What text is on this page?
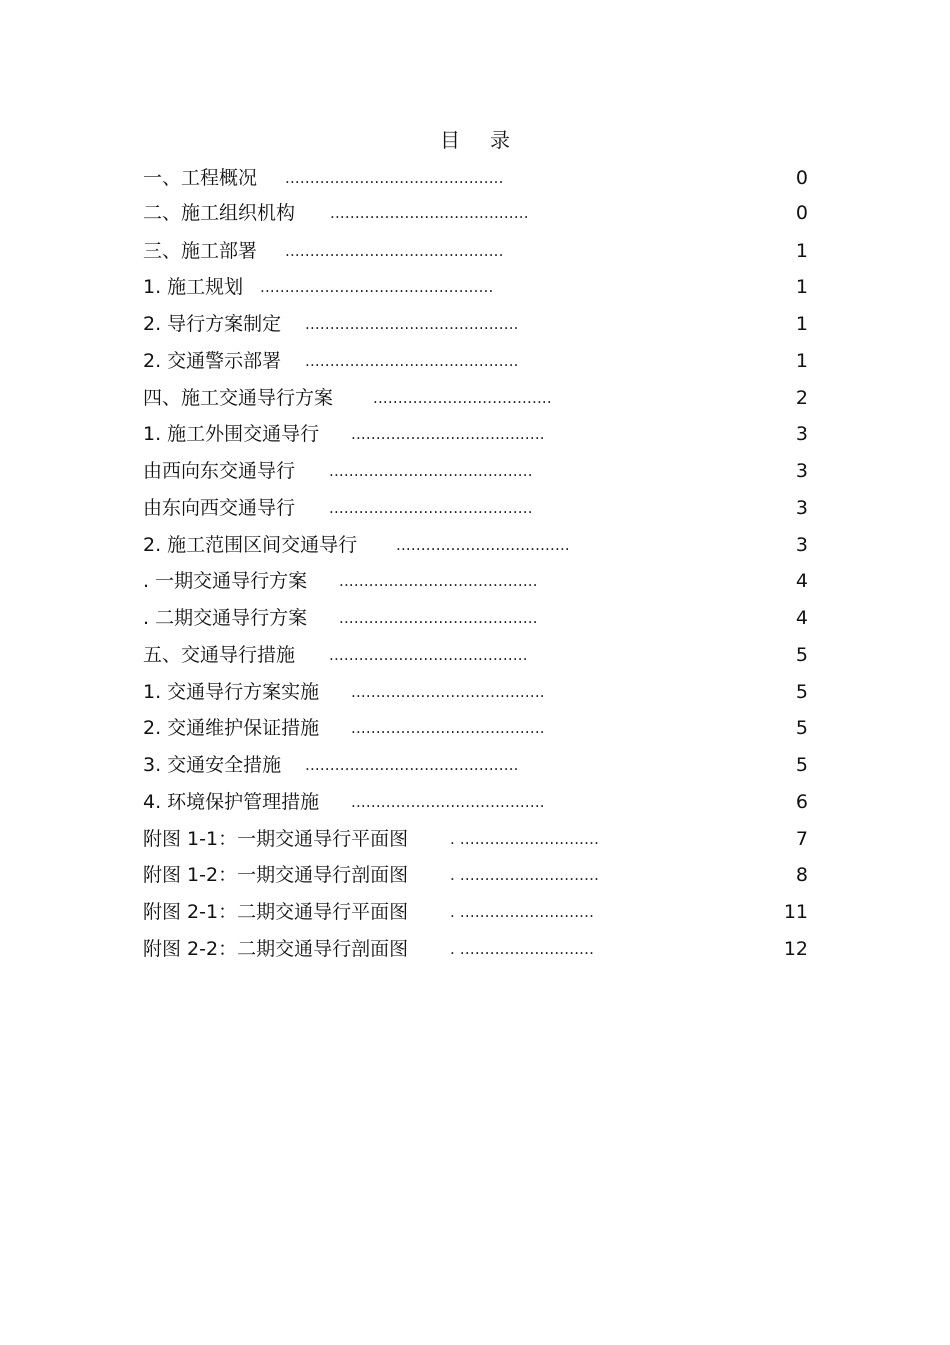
目 录
一、工程概况 ............................................	0
二、施工组织机构 ........................................	0
三、施工部署 ............................................	1
1. 施工规划 ...............................................	1
2. 导行方案制定 ...........................................	1
2. 交通警示部署 ...........................................	1
四、施工交通导行方案	....................................	2
1. 施工外围交通导行 .......................................	3
由西向东交通导行 .........................................	3
由东向西交通导行 .........................................	3
2. 施工范围区间交通导行	...................................	3
. 一期交通导行方案 ........................................	4
. 二期交通导行方案 ........................................	4
五、交通导行措施 ........................................	5
1. 交通导行方案实施 .......................................	5
2. 交通维护保证措施 .......................................	5
3. 交通安全措施 ...........................................	5
4. 环境保护管理措施 .......................................	6
附图 1-1：一期交通导行平面图	. ............................	7
附图 1-2：一期交通导行剖面图	. ............................	8
附图 2-1：二期交通导行平面图	. ...........................	11
附图 2-2：二期交通导行剖面图	. ...........................	12
